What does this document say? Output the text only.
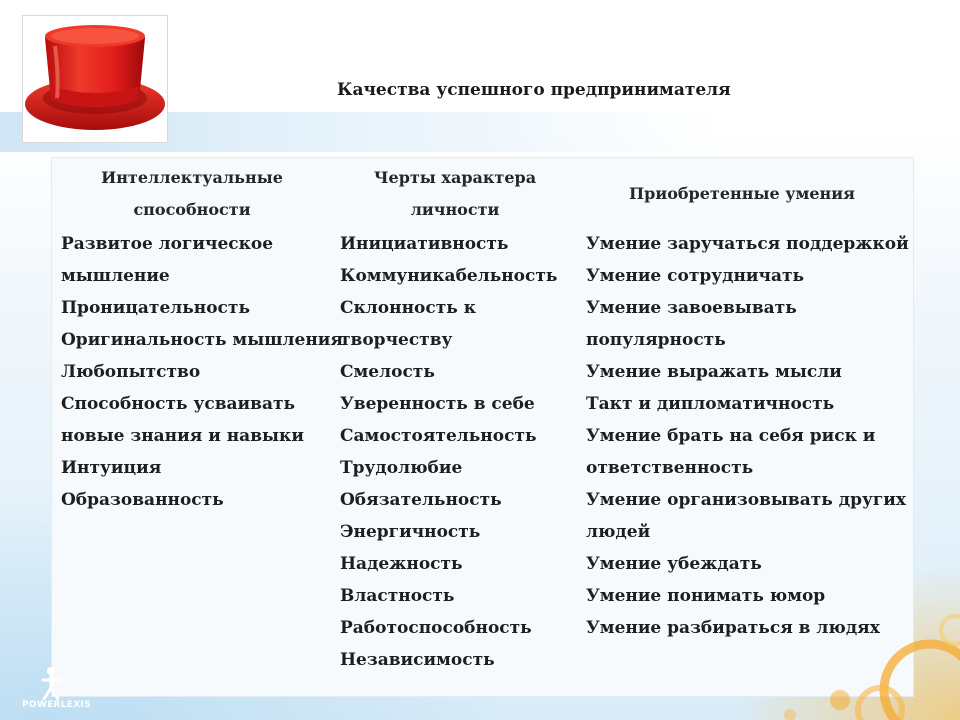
Качества успешного предпринимателя
Интеллектуальные
способности
Черты характера
личности
Приобретенные умения
Развитое логическое
мышление
Проницательность
Оригинальность мышления
Любопытство
Способность усваивать
новые знания и навыки
Интуиция
Образованность
Инициативность
Коммуникабельность
Склонность к
творчеству
Смелость
Уверенность в себе
Самостоятельность
Трудолюбие
Обязательность
Энергичность
Надежность
Властность
Работоспособность
Независимость
Умение заручаться поддержкой
Умение сотрудничать
Умение завоевывать
популярность
Умение выражать мысли
Такт и дипломатичность
Умение брать на себя риск и
ответственность
Умение организовывать других
людей
Умение убеждать
Умение понимать юмор
Умение разбираться в людях
POWERLEXIS
